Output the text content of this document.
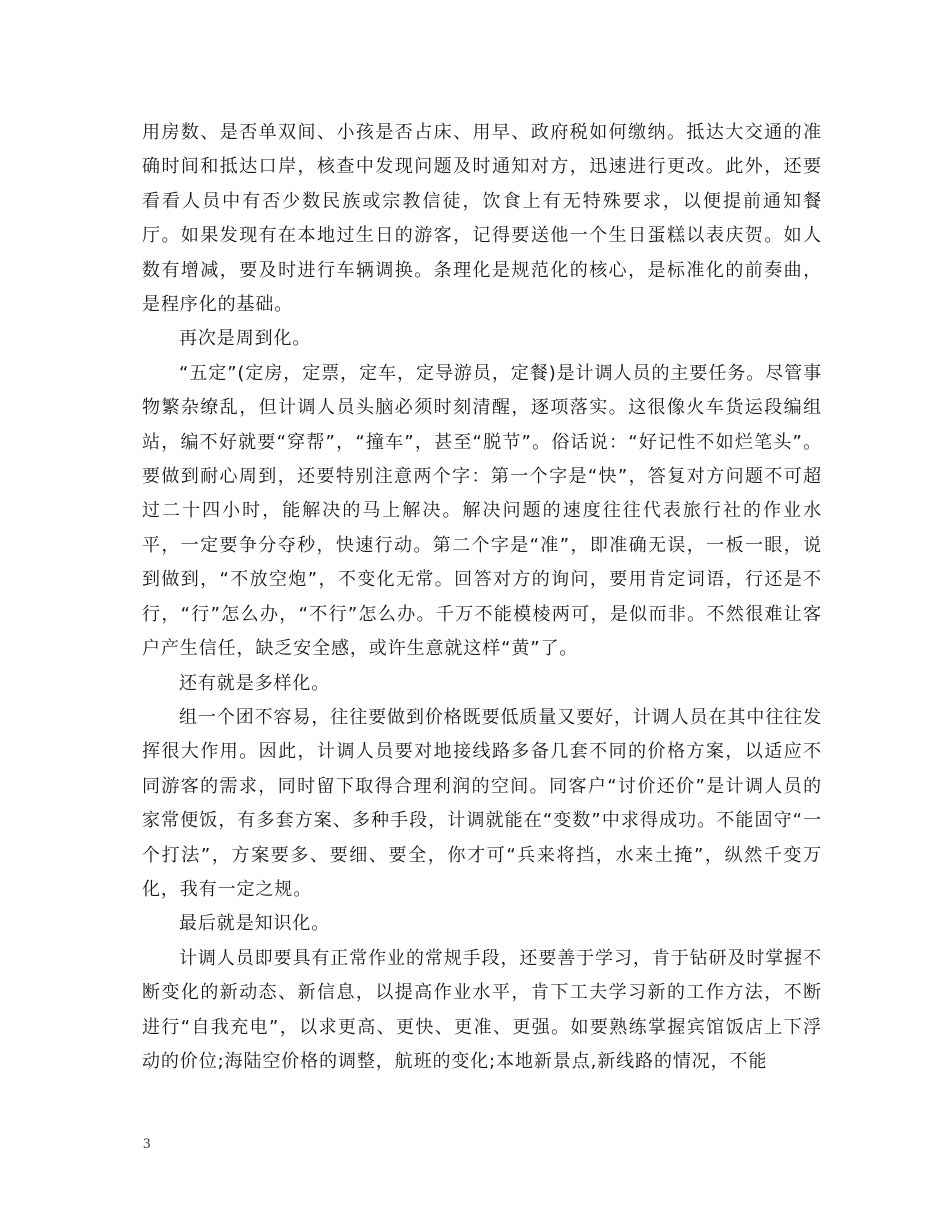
用房数、是否单双间、小孩是否占床、用早、政府税如何缴纳。抵达大交通的准确时间和抵达口岸，核查中发现问题及时通知对方，迅速进行更改。此外，还要看看人员中有否少数民族或宗教信徒，饮食上有无特殊要求，以便提前通知餐厅。如果发现有在本地过生日的游客，记得要送他一个生日蛋糕以表庆贺。如人数有增减，要及时进行车辆调换。条理化是规范化的核心，是标准化的前奏曲，是程序化的基础。

再次是周到化。

“五定”(定房，定票，定车，定导游员，定餐)是计调人员的主要任务。尽管事物繁杂缭乱，但计调人员头脑必须时刻清醒，逐项落实。这很像火车货运段编组站，编不好就要“穿帮”，“撞车”，甚至“脱节”。俗话说：“好记性不如烂笔头”。要做到耐心周到，还要特别注意两个字：第一个字是“快”，答复对方问题不可超过二十四小时，能解决的马上解决。解决问题的速度往往代表旅行社的作业水平，一定要争分夺秒，快速行动。第二个字是“准”，即准确无误，一板一眼，说到做到，“不放空炮”，不变化无常。回答对方的询问，要用肯定词语，行还是不行，“行”怎么办，“不行”怎么办。千万不能模棱两可，是似而非。不然很难让客户产生信任，缺乏安全感，或许生意就这样“黄”了。

还有就是多样化。

组一个团不容易，往往要做到价格既要低质量又要好，计调人员在其中往往发挥很大作用。因此，计调人员要对地接线路多备几套不同的价格方案，以适应不同游客的需求，同时留下取得合理利润的空间。同客户“讨价还价”是计调人员的家常便饭，有多套方案、多种手段，计调就能在“变数”中求得成功。不能固守“一个打法”，方案要多、要细、要全，你才可“兵来将挡，水来土掩”，纵然千变万化，我有一定之规。

最后就是知识化。

计调人员即要具有正常作业的常规手段，还要善于学习，肯于钻研及时掌握不断变化的新动态、新信息，以提高作业水平，肯下工夫学习新的工作方法，不断进行“自我充电”，以求更高、更快、更准、更强。如要熟练掌握宾馆饭店上下浮动的价位;海陆空价格的调整，航班的变化;本地新景点,新线路的情况，不能

3
